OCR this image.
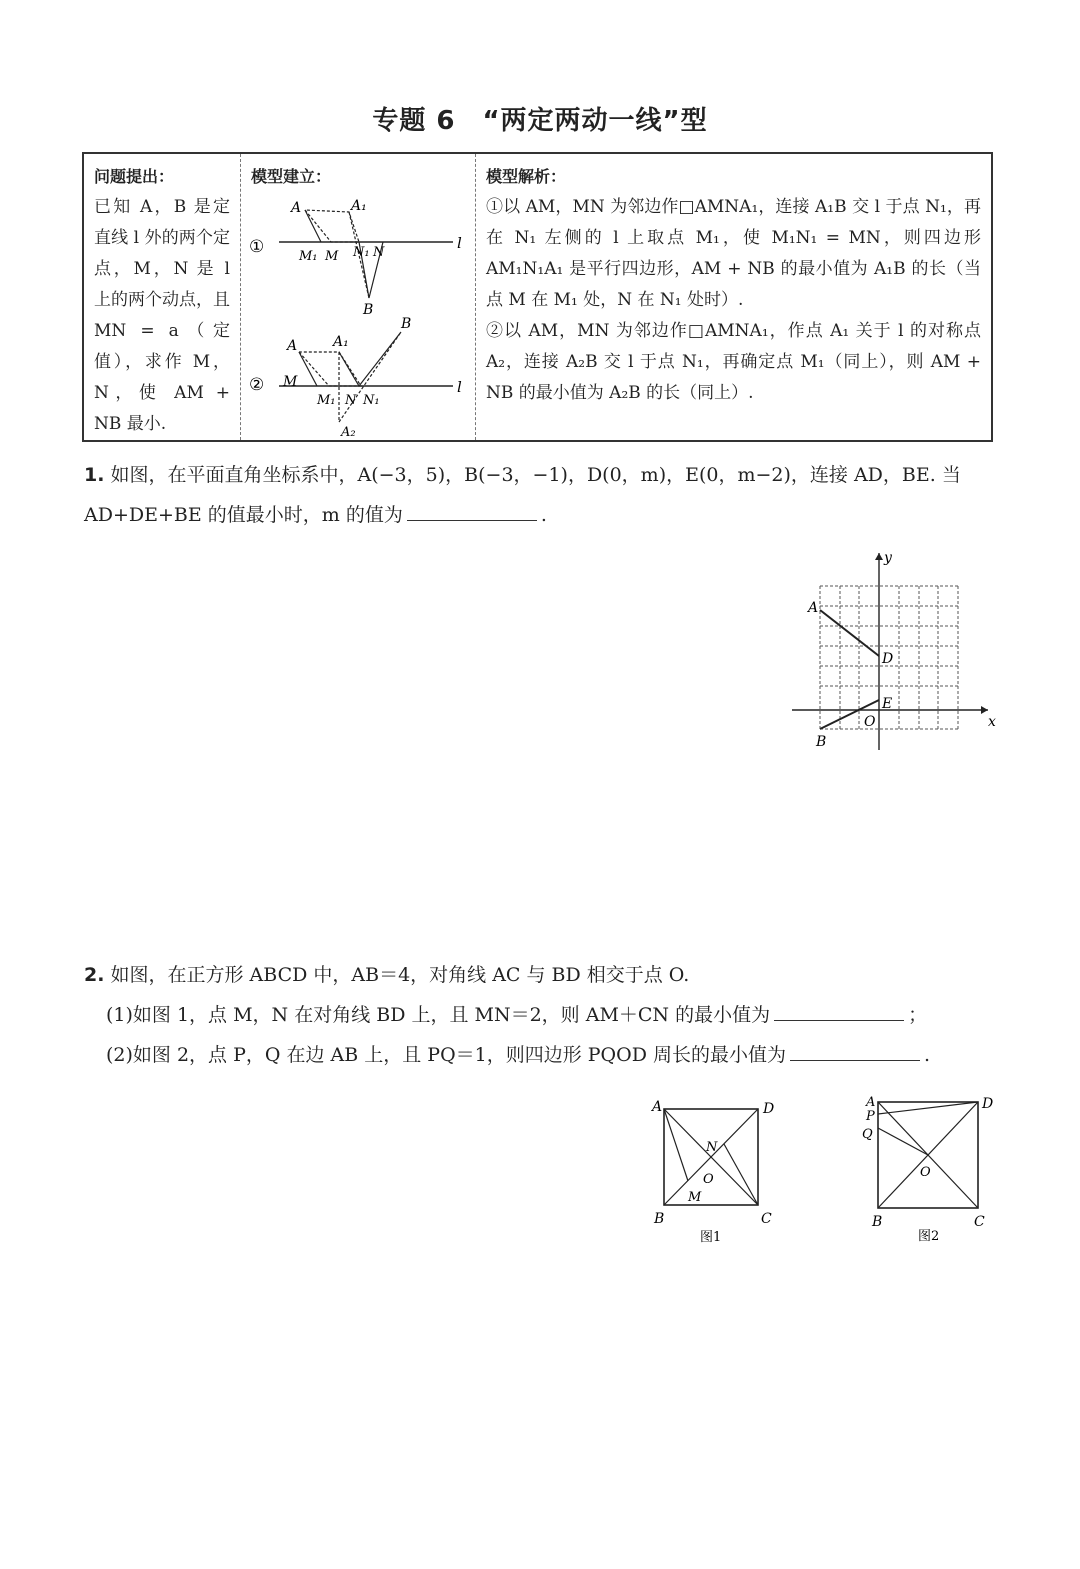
专题 6　“两定两动一线”型
问题提出：
已知 A，B 是定直线 l 外的两个定点，M，N 是 l 上的两个动点，且 MN = a（定值），求作 M，N，使 AM + NB 最小.
模型建立：
①	l
A	A₁
M₁ M N₁ N
B
②	l
A	A₁
B
M
M₁ N N₁
A₂
模型解析：

①以 AM，MN 为邻边作□AMNA₁，连接 A₁B 交 l 于点 N₁，再在 N₁ 左侧的 l 上取点 M₁，使 M₁N₁ = MN，则四边形 AM₁N₁A₁ 是平行四边形，AM + NB 的最小值为 A₁B 的长（当点 M 在 M₁ 处，N 在 N₁ 处时）.

②以 AM，MN 为邻边作□AMNA₁，作点 A₁ 关于 l 的对称点 A₂，连接 A₂B 交 l 于点 N₁，再确定点 M₁（同上），则 AM + NB 的最小值为 A₂B 的长（同上）.

1. 如图，在平面直角坐标系中，A(−3，5)，B(−3，−1)，D(0，m)，E(0，m−2)，连接 AD，BE. 当 AD+DE+BE 的值最小时，m 的值为	.
y
x
A
D
E
O
B
2. 如图，在正方形 ABCD 中，AB＝4，对角线 AC 与 BD 相交于点 O.
(1)如图 1，点 M，N 在对角线 BD 上，且 MN＝2，则 AM＋CN 的最小值为	；
(2)如图 2，点 P，Q 在边 AB 上，且 PQ＝1，则四边形 PQOD 周长的最小值为	.
A	D
B	C
N
O
M
图1
A
P
Q
D
O
B	C
图2
